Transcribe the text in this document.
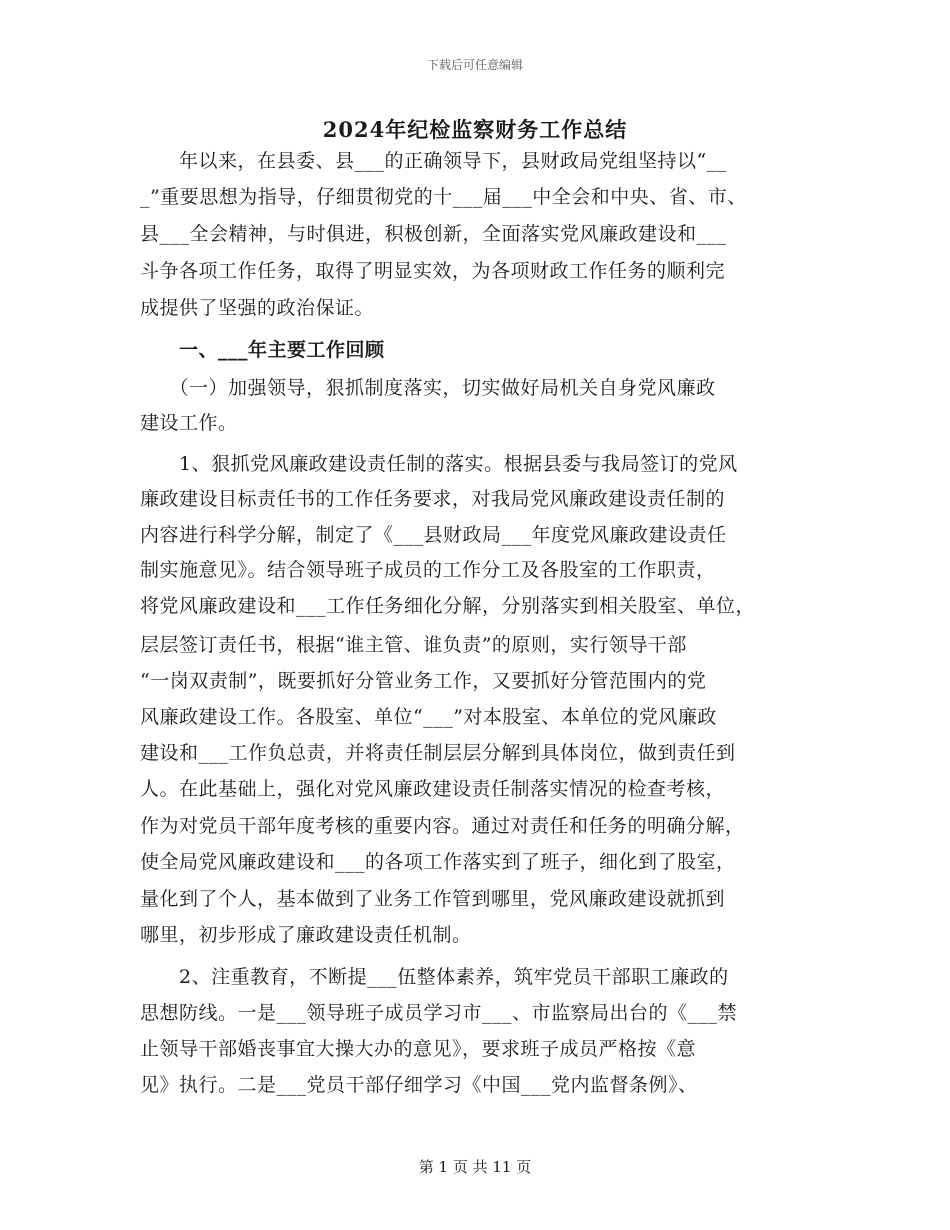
下载后可任意编辑
2024年纪检监察财务工作总结
　　年以来，在县委、县___的正确领导下，县财政局党组坚持以“__
_”重要思想为指导，仔细贯彻党的十___届___中全会和中央、省、市、
县___全会精神，与时俱进，积极创新，全面落实党风廉政建设和___
斗争各项工作任务，取得了明显实效，为各项财政工作任务的顺利完
成提供了坚强的政治保证。
　　一、___年主要工作回顾
　　（一）加强领导，狠抓制度落实，切实做好局机关自身党风廉政
建设工作。
　　1、狠抓党风廉政建设责任制的落实。根据县委与我局签订的党风
廉政建设目标责任书的工作任务要求，对我局党风廉政建设责任制的
内容进行科学分解，制定了《___县财政局___年度党风廉政建设责任
制实施意见》。结合领导班子成员的工作分工及各股室的工作职责，
将党风廉政建设和___工作任务细化分解，分别落实到相关股室、单位，
层层签订责任书，根据“谁主管、谁负责”的原则，实行领导干部
“一岗双责制”，既要抓好分管业务工作，又要抓好分管范围内的党
风廉政建设工作。各股室、单位“___”对本股室、本单位的党风廉政
建设和___工作负总责，并将责任制层层分解到具体岗位，做到责任到
人。在此基础上，强化对党风廉政建设责任制落实情况的检查考核，
作为对党员干部年度考核的重要内容。通过对责任和任务的明确分解，
使全局党风廉政建设和___的各项工作落实到了班子，细化到了股室，
量化到了个人，基本做到了业务工作管到哪里，党风廉政建设就抓到
哪里，初步形成了廉政建设责任机制。
　　2、注重教育，不断提___伍整体素养，筑牢党员干部职工廉政的
思想防线。一是___领导班子成员学习市___、市监察局出台的《___禁
止领导干部婚丧事宜大操大办的意见》，要求班子成员严格按《意
见》执行。二是___党员干部仔细学习《中国___党内监督条例》、
第 1 页 共 11 页
